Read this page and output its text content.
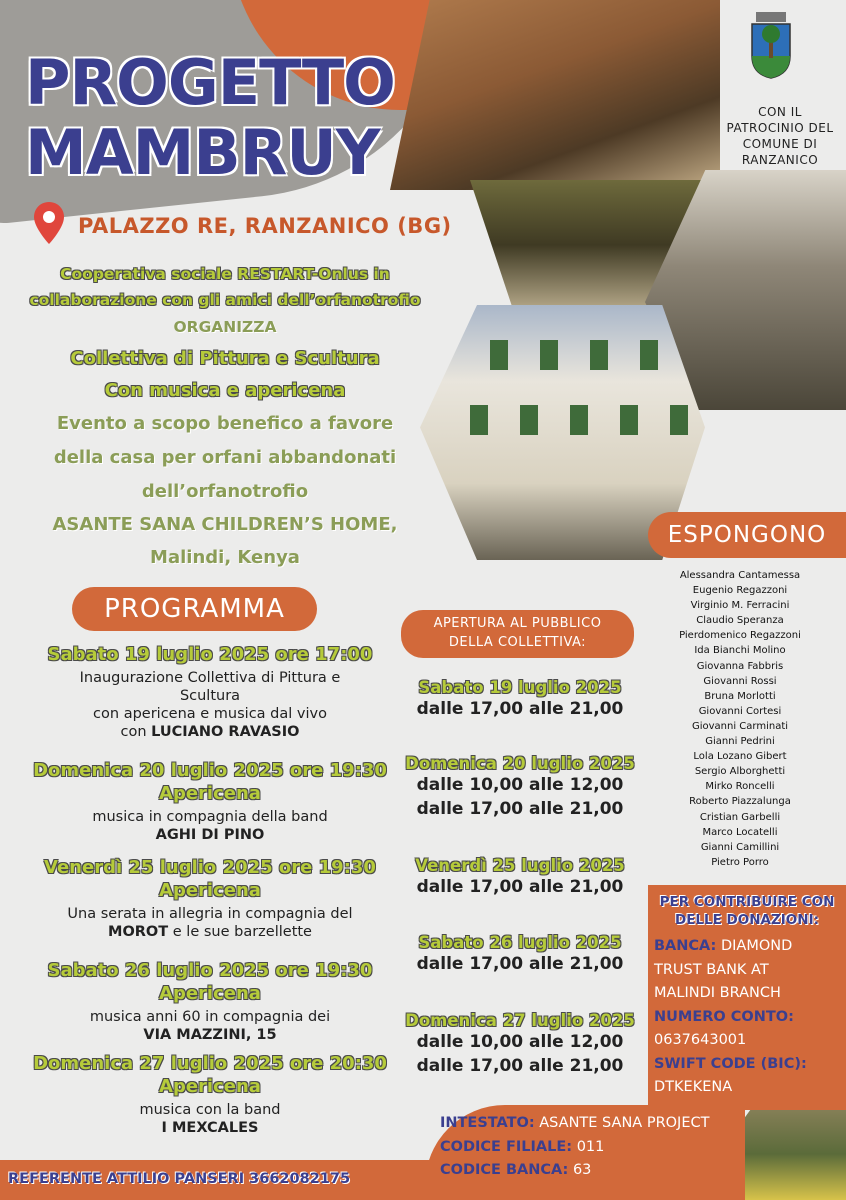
PROGETTO
MAMBRUY
CON IL
PATROCINIO DEL
COMUNE DI
RANZANICO
PALAZZO RE, RANZANICO (BG)
Cooperativa sociale RESTART-Onlus in
collaborazione con gli amici dell’orfanotrofio
ORGANIZZA
Collettiva di Pittura e Scultura
Con musica e apericena
Evento a scopo benefico a favore
della casa per orfani abbandonati
dell’orfanotrofio
ASANTE SANA CHILDREN’S HOME,
Malindi, Kenya
ESPONGONO
Alessandra Cantamessa
Eugenio Regazzoni
Virginio M. Ferracini
Claudio Speranza
Pierdomenico Regazzoni
Ida Bianchi Molino
Giovanna Fabbris
Giovanni Rossi
Bruna Morlotti
Giovanni Cortesi
Giovanni Carminati
Gianni Pedrini
Lola Lozano Gibert
Sergio Alborghetti
Mirko Roncelli
Roberto Piazzalunga
Cristian Garbelli
Marco Locatelli
Gianni Camillini
Pietro Porro
PROGRAMMA
Sabato 19 luglio 2025 ore 17:00
Inaugurazione Collettiva di Pittura e
Scultura
con apericena e musica dal vivo
con LUCIANO RAVASIO
Domenica 20 luglio 2025 ore 19:30
Apericena
musica in compagnia della band
AGHI DI PINO
Venerdì 25 luglio 2025 ore 19:30
Apericena
Una serata in allegria in compagnia del
MOROT e le sue barzellette
Sabato 26 luglio 2025 ore 19:30
Apericena
musica anni 60 in compagnia dei
VIA MAZZINI, 15
Domenica 27 luglio 2025 ore 20:30
Apericena
musica con la band
I MEXCALES
APERTURA AL PUBBLICO
DELLA COLLETTIVA:
Sabato 19 luglio 2025
dalle 17,00 alle 21,00
Domenica 20 luglio 2025
dalle 10,00 alle 12,00
dalle 17,00 alle 21,00
Venerdì 25 luglio 2025
dalle 17,00 alle 21,00
Sabato 26 luglio 2025
dalle 17,00 alle 21,00
Domenica 27 luglio 2025
dalle 10,00 alle 12,00
dalle 17,00 alle 21,00
PER CONTRIBUIRE CON
DELLE DONAZIONI:
BANCA: DIAMOND
TRUST BANK AT
MALINDI BRANCH
NUMERO CONTO:
0637643001
SWIFT CODE (BIC):
DTKEKENA
INTESTATO: ASANTE SANA PROJECT
CODICE FILIALE: 011
CODICE BANCA: 63
REFERENTE ATTILIO PANSERI 3662082175
